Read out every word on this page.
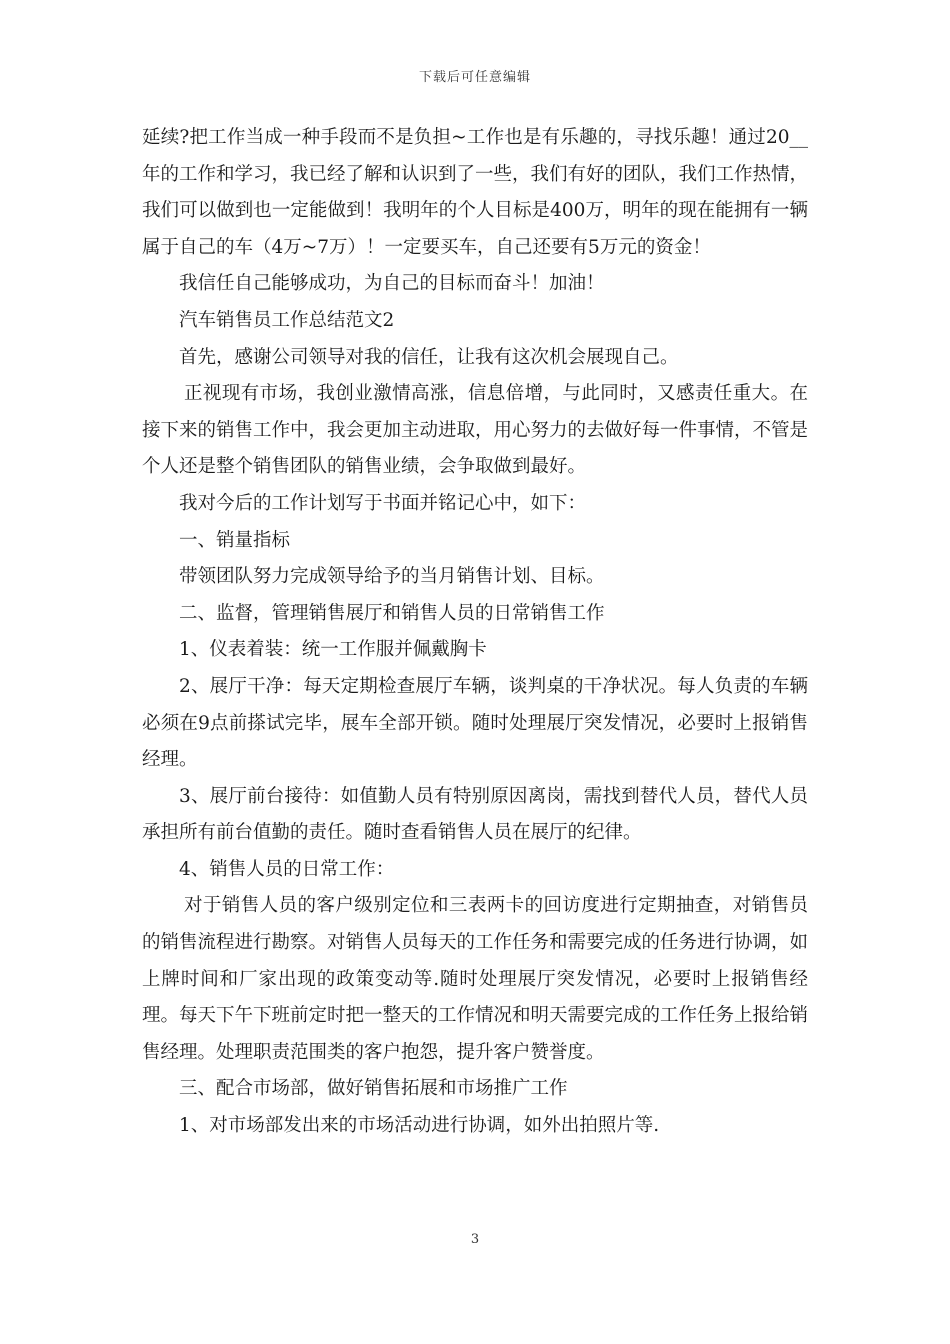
下载后可任意编辑

延续?把工作当成一种手段而不是负担~工作也是有乐趣的，寻找乐趣！通过20__年的工作和学习，我已经了解和认识到了一些，我们有好的团队，我们工作热情，我们可以做到也一定能做到！我明年的个人目标是400万，明年的现在能拥有一辆属于自己的车（4万~7万）！一定要买车，自己还要有5万元的资金！

我信任自己能够成功，为自己的目标而奋斗！加油！

汽车销售员工作总结范文2

首先，感谢公司领导对我的信任，让我有这次机会展现自己。

正视现有市场，我创业激情高涨，信息倍增，与此同时，又感责任重大。在接下来的销售工作中，我会更加主动进取，用心努力的去做好每一件事情，不管是个人还是整个销售团队的销售业绩，会争取做到最好。

我对今后的工作计划写于书面并铭记心中，如下：

一、销量指标

带领团队努力完成领导给予的当月销售计划、目标。

二、监督，管理销售展厅和销售人员的日常销售工作

1、仪表着装：统一工作服并佩戴胸卡

2、展厅干净：每天定期检查展厅车辆，谈判桌的干净状况。每人负责的车辆必须在9点前搽试完毕，展车全部开锁。随时处理展厅突发情况，必要时上报销售经理。

3、展厅前台接待：如值勤人员有特别原因离岗，需找到替代人员，替代人员承担所有前台值勤的责任。随时查看销售人员在展厅的纪律。

4、销售人员的日常工作：

对于销售人员的客户级别定位和三表两卡的回访度进行定期抽查，对销售员的销售流程进行勘察。对销售人员每天的工作任务和需要完成的任务进行协调，如上牌时间和厂家出现的政策变动等.随时处理展厅突发情况，必要时上报销售经理。每天下午下班前定时把一整天的工作情况和明天需要完成的工作任务上报给销售经理。处理职责范围类的客户抱怨，提升客户赞誉度。

三、配合市场部，做好销售拓展和市场推广工作

1、对市场部发出来的市场活动进行协调，如外出拍照片等.

3
